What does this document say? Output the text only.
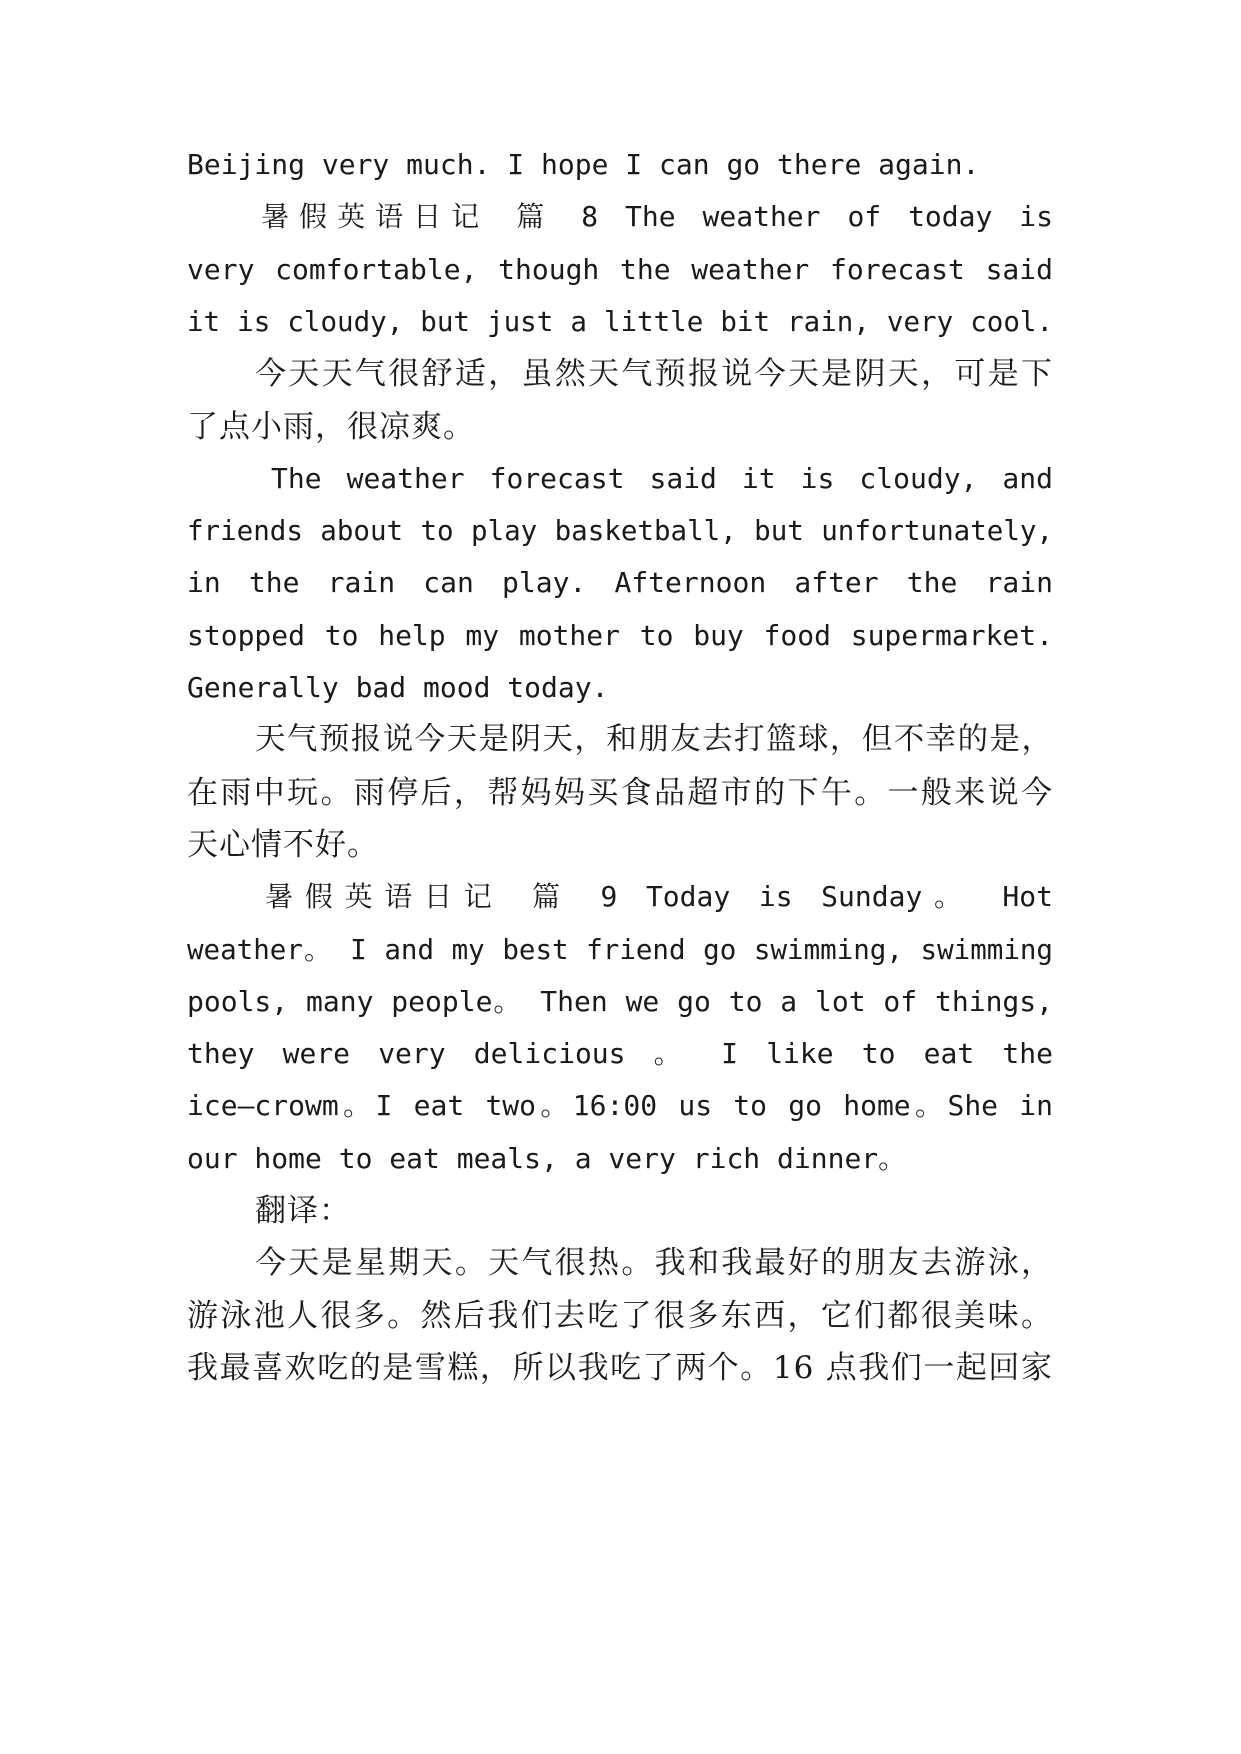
Beijing very much. I hope I can go there again.

暑假英语日记 篇 8 The weather of today is

very comfortable, though the weather forecast said

it is cloudy, but just a little bit rain, very cool.

今天天气很舒适，虽然天气预报说今天是阴天，可是下

了点小雨，很凉爽。

The weather forecast said it is cloudy, and

friends about to play basketball, but unfortunately,

in the rain can play. Afternoon after the rain

stopped to help my mother to buy food supermarket.

Generally bad mood today.

天气预报说今天是阴天，和朋友去打篮球，但不幸的是，

在雨中玩。雨停后，帮妈妈买食品超市的下午。一般来说今

天心情不好。

暑假英语日记 篇 9 Today is Sunday。 Hot

weather。 I and my best friend go swimming, swimming

pools, many people。 Then we go to a lot of things,

they were very delicious 。 I like to eat the

ice—crowm。I eat two。16:00 us to go home。She in

our home to eat meals, a very rich dinner。

翻译：

今天是星期天。天气很热。我和我最好的朋友去游泳，

游泳池人很多。然后我们去吃了很多东西，它们都很美味。

我最喜欢吃的是雪糕，所以我吃了两个。16 点我们一起回家
